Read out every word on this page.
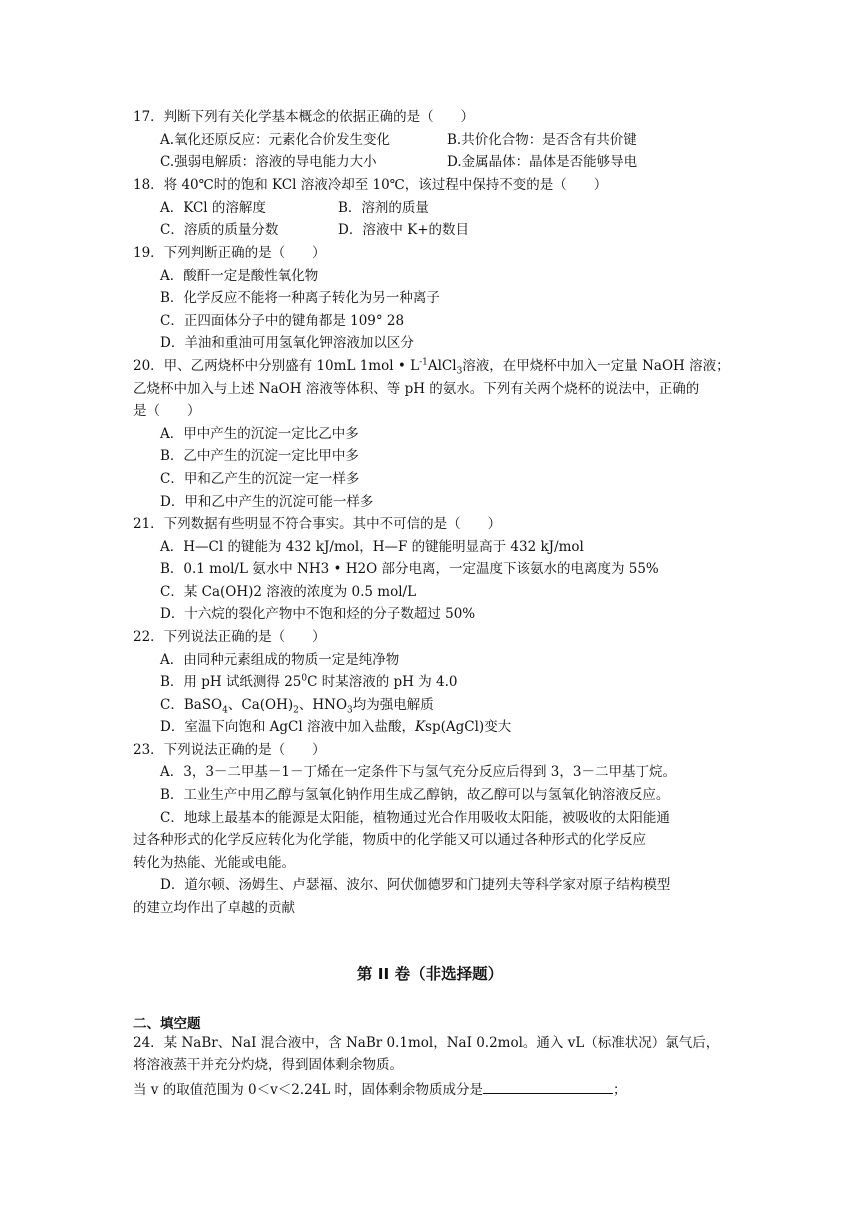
17．判断下列有关化学基本概念的依据正确的是（　　）
A.氧化还原反应：元素化合价发生变化	B.共价化合物：是否含有共价键
C.强弱电解质：溶液的导电能力大小	D.金属晶体：晶体是否能够导电
18．将 40℃时的饱和 KCl 溶液冷却至 10℃，该过程中保持不变的是（　　）
A．KCl 的溶解度	B．溶剂的质量
C．溶质的质量分数	D．溶液中 K+的数目
19．下列判断正确的是（　　）
A．酸酐一定是酸性氧化物
B．化学反应不能将一种离子转化为另一种离子
C．正四面体分子中的键角都是 109° 28
D．羊油和重油可用氢氧化钾溶液加以区分
20．甲、乙两烧杯中分别盛有 10mL 1mol • $L^{-1}AlCl_3$溶液，在甲烧杯中加入一定量 NaOH 溶液；
乙烧杯中加入与上述 NaOH 溶液等体积、等 pH 的氨水。下列有关两个烧杯的说法中，正确的
是（　　）
A．甲中产生的沉淀一定比乙中多
B．乙中产生的沉淀一定比甲中多
C．甲和乙产生的沉淀一定一样多
D．甲和乙中产生的沉淀可能一样多
21．下列数据有些明显不符合事实。其中不可信的是（　　）
A．H—Cl 的键能为 432 kJ/mol，H—F 的键能明显高于 432 kJ/mol
B．0.1 mol/L 氨水中 NH3 • H2O 部分电离，一定温度下该氨水的电离度为 55%
C．某 Ca(OH)2 溶液的浓度为 0.5 mol/L
D．十六烷的裂化产物中不饱和烃的分子数超过 50%
22．下列说法正确的是（　　）
A．由同种元素组成的物质一定是纯净物
B．用 pH 试纸测得 $25^0C$ 时某溶液的 pH 为 4.0
C．BaSO$_4$、$Ca(OH)_2$、$HNO_3$均为强电解质
D．室温下向饱和 AgCl 溶液中加入盐酸，Ksp(AgCl)变大
23．下列说法正确的是（　　）
A．3，3－二甲基－1－丁烯在一定条件下与氢气充分反应后得到 3，3－二甲基丁烷。
B．工业生产中用乙醇与氢氧化钠作用生成乙醇钠，故乙醇可以与氢氧化钠溶液反应。
C．地球上最基本的能源是太阳能，植物通过光合作用吸收太阳能，被吸收的太阳能通
过各种形式的化学反应转化为化学能，物质中的化学能又可以通过各种形式的化学反应
转化为热能、光能或电能。
D．道尔顿、汤姆生、卢瑟福、波尔、阿伏伽德罗和门捷列夫等科学家对原子结构模型
的建立均作出了卓越的贡献
第 II 卷（非选择题）
二、填空题
24．某 NaBr、NaI 混合液中，含 NaBr 0.1mol，NaI 0.2mol。通入 vL（标准状况）氯气后，
将溶液蒸干并充分灼烧，得到固体剩余物质。
当 v 的取值范围为 0＜v＜2.24L 时，固体剩余物质成分是	；
